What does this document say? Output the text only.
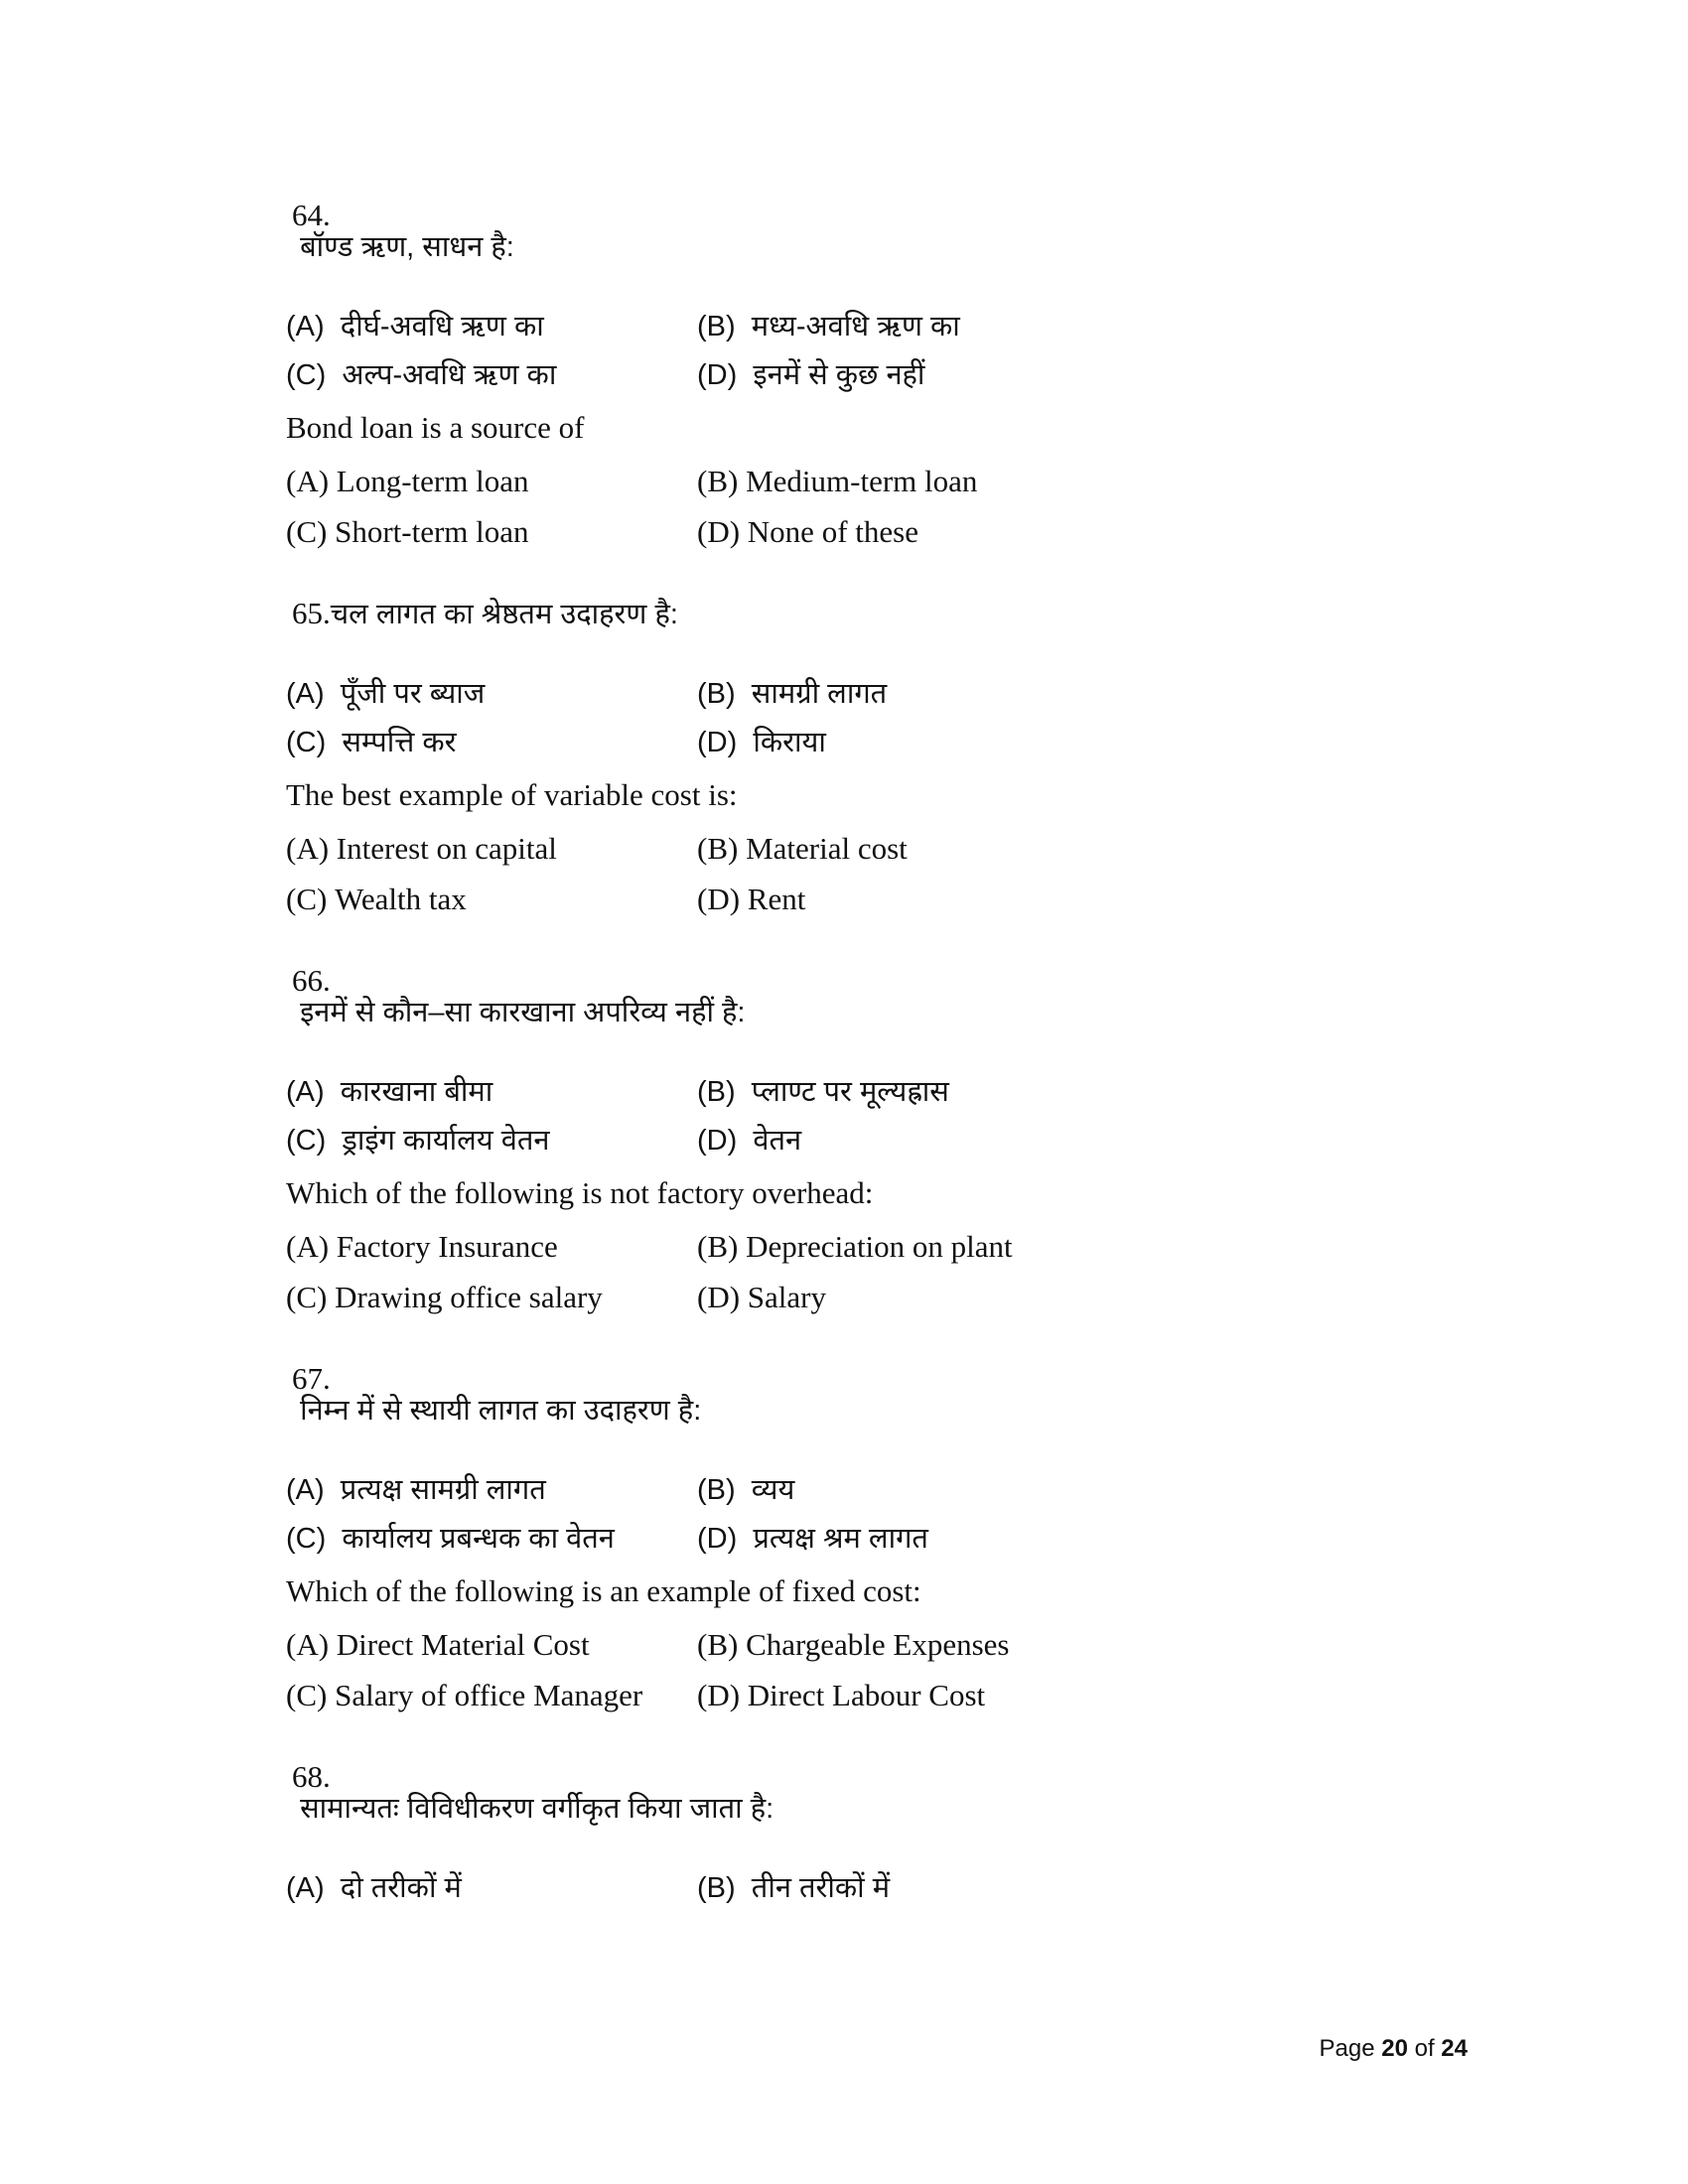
64.
बॉण्ड ऋण, साधन है:

(A) दीर्घ-अवधि ऋण का	(B) मध्य-अवधि ऋण का
(C) अल्प-अवधि ऋण का	(D) इनमें से कुछ नहीं
Bond loan is a source of
(A) Long-term loan	(B) Medium-term loan
(C) Short-term loan	(D) None of these

65.चल लागत का श्रेष्ठतम उदाहरण है:

(A) पूँजी पर ब्याज	(B) सामग्री लागत
(C) सम्पत्ति कर	(D) किराया
The best example of variable cost is:
(A) Interest on capital	(B) Material cost
(C) Wealth tax	(D) Rent

66.
इनमें से कौन–सा कारखाना अपरिव्य नहीं है:

(A) कारखाना बीमा	(B) प्लाण्ट पर मूल्यह्रास
(C) ड्राइंग कार्यालय वेतन	(D) वेतन
Which of the following is not factory overhead:
(A) Factory Insurance	(B) Depreciation on plant
(C) Drawing office salary	(D) Salary

67.
निम्न में से स्थायी लागत का उदाहरण है:

(A) प्रत्यक्ष सामग्री लागत	(B) व्यय
(C) कार्यालय प्रबन्धक का वेतन	(D) प्रत्यक्ष श्रम लागत
Which of the following is an example of fixed cost:
(A) Direct Material Cost	(B) Chargeable Expenses
(C) Salary of office Manager	(D) Direct Labour Cost

68.
सामान्यतः विविधीकरण वर्गीकृत किया जाता है:

(A) दो तरीकों में	(B) तीन तरीकों में
Page 20 of 24
